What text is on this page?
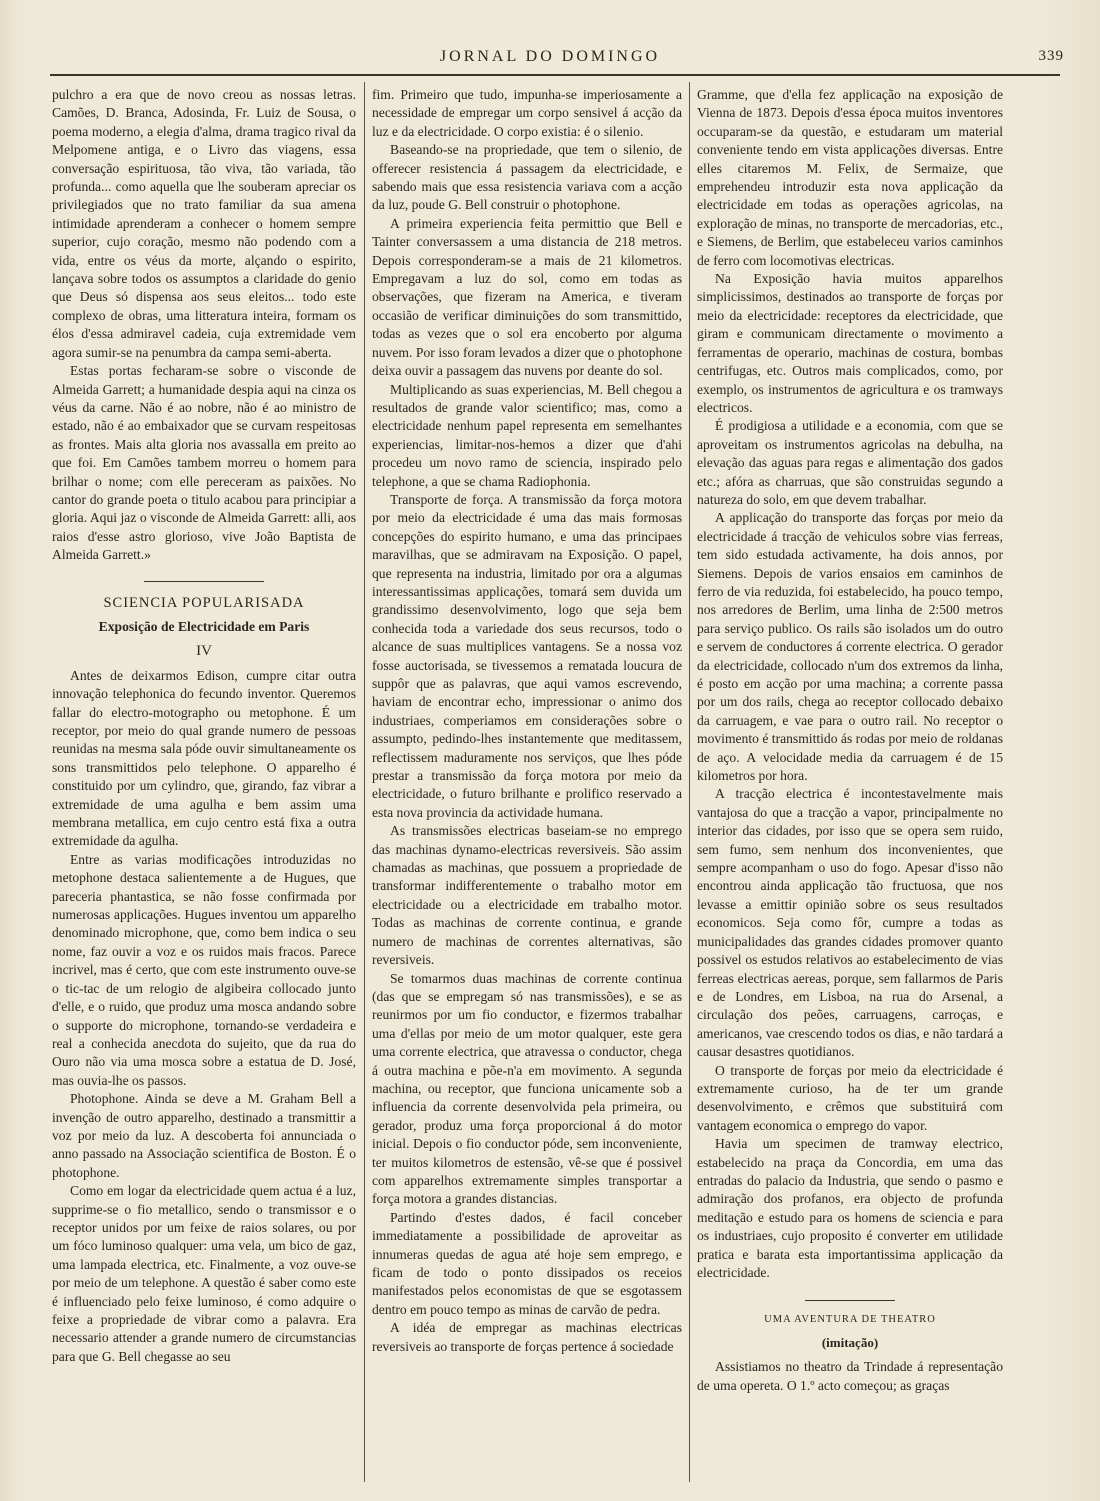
JORNAL DO DOMINGO	339

pulchro a era que de novo creou as nossas letras. Camões, D. Branca, Adosinda, Fr. Luiz de Sousa, o poema moderno, a elegia d'alma, drama tragico rival da Melpomene antiga, e o Livro das viagens, essa conversação espirituosa, tão viva, tão variada, tão profunda... como aquella que lhe souberam apreciar os privilegiados que no trato familiar da sua amena intimidade aprenderam a conhecer o homem sempre superior, cujo coração, mesmo não podendo com a vida, entre os véus da morte, alçando o espirito, lançava sobre todos os assumptos a claridade do genio que Deus só dispensa aos seus eleitos... todo este complexo de obras, uma litteratura inteira, formam os élos d'essa admiravel cadeia, cuja extremidade vem agora sumir-se na penumbra da campa semi-aberta.

Estas portas fecharam-se sobre o visconde de Almeida Garrett; a humanidade despia aqui na cinza os véus da carne. Não é ao nobre, não é ao ministro de estado, não é ao embaixador que se curvam respeitosas as frontes. Mais alta gloria nos avassalla em preito ao que foi. Em Camões tambem morreu o homem para brilhar o nome; com elle pereceram as paixões. No cantor do grande poeta o titulo acabou para principiar a gloria. Aqui jaz o visconde de Almeida Garrett: alli, aos raios d'esse astro glorioso, vive João Baptista de Almeida Garrett.»

SCIENCIA POPULARISADA
Exposição de Electricidade em Paris
IV

Antes de deixarmos Edison, cumpre citar outra innovação telephonica do fecundo inventor. Queremos fallar do electro-motographo ou metophone. É um receptor, por meio do qual grande numero de pessoas reunidas na mesma sala póde ouvir simultaneamente os sons transmittidos pelo telephone. O apparelho é constituido por um cylindro, que, girando, faz vibrar a extremidade de uma agulha e bem assim uma membrana metallica, em cujo centro está fixa a outra extremidade da agulha.

Entre as varias modificações introduzidas no metophone destaca salientemente a de Hugues, que pareceria phantastica, se não fosse confirmada por numerosas applicações. Hugues inventou um apparelho denominado microphone, que, como bem indica o seu nome, faz ouvir a voz e os ruidos mais fracos. Parece incrivel, mas é certo, que com este instrumento ouve-se o tic-tac de um relogio de algibeira collocado junto d'elle, e o ruido, que produz uma mosca andando sobre o supporte do microphone, tornando-se verdadeira e real a conhecida anecdota do sujeito, que da rua do Ouro não via uma mosca sobre a estatua de D. José, mas ouvia-lhe os passos.

Photophone. Ainda se deve a M. Graham Bell a invenção de outro apparelho, destinado a transmittir a voz por meio da luz. A descoberta foi annunciada o anno passado na Associação scientifica de Boston. É o photophone.

Como em logar da electricidade quem actua é a luz, supprime-se o fio metallico, sendo o transmissor e o receptor unidos por um feixe de raios solares, ou por um fóco luminoso qualquer: uma vela, um bico de gaz, uma lampada electrica, etc. Finalmente, a voz ouve-se por meio de um telephone. A questão é saber como este é influenciado pelo feixe luminoso, é como adquire o feixe a propriedade de vibrar como a palavra. Era necessario attender a grande numero de circumstancias para que G. Bell chegasse ao seu

fim. Primeiro que tudo, impunha-se imperiosamente a necessidade de empregar um corpo sensivel á acção da luz e da electricidade. O corpo existia: é o silenio.

Baseando-se na propriedade, que tem o silenio, de offerecer resistencia á passagem da electricidade, e sabendo mais que essa resistencia variava com a acção da luz, poude G. Bell construir o photophone.

A primeira experiencia feita permittio que Bell e Tainter conversassem a uma distancia de 218 metros. Depois corresponderam-se a mais de 21 kilometros. Empregavam a luz do sol, como em todas as observações, que fizeram na America, e tiveram occasião de verificar diminuições do som transmittido, todas as vezes que o sol era encoberto por alguma nuvem. Por isso foram levados a dizer que o photophone deixa ouvir a passagem das nuvens por deante do sol.

Multiplicando as suas experiencias, M. Bell chegou a resultados de grande valor scientifico; mas, como a electricidade nenhum papel representa em semelhantes experiencias, limitar-nos-hemos a dizer que d'ahi procedeu um novo ramo de sciencia, inspirado pelo telephone, a que se chama Radiophonia.

Transporte de força. A transmissão da força motora por meio da electricidade é uma das mais formosas concepções do espirito humano, e uma das principaes maravilhas, que se admiravam na Exposição. O papel, que representa na industria, limitado por ora a algumas interessantissimas applicações, tomará sem duvida um grandissimo desenvolvimento, logo que seja bem conhecida toda a variedade dos seus recursos, todo o alcance de suas multiplices vantagens. Se a nossa voz fosse auctorisada, se tivessemos a rematada loucura de suppôr que as palavras, que aqui vamos escrevendo, haviam de encontrar echo, impressionar o animo dos industriaes, comperiamos em considerações sobre o assumpto, pedindo-lhes instantemente que meditassem, reflectissem maduramente nos serviços, que lhes póde prestar a transmissão da força motora por meio da electricidade, o futuro brilhante e prolifico reservado a esta nova provincia da actividade humana.

As transmissões electricas baseiam-se no emprego das machinas dynamo-electricas reversiveis. São assim chamadas as machinas, que possuem a propriedade de transformar indifferentemente o trabalho motor em electricidade ou a electricidade em trabalho motor. Todas as machinas de corrente continua, e grande numero de machinas de correntes alternativas, são reversiveis.

Se tomarmos duas machinas de corrente continua (das que se empregam só nas transmissões), e se as reunirmos por um fio conductor, e fizermos trabalhar uma d'ellas por meio de um motor qualquer, este gera uma corrente electrica, que atravessa o conductor, chega á outra machina e põe-n'a em movimento. A segunda machina, ou receptor, que funciona unicamente sob a influencia da corrente desenvolvida pela primeira, ou gerador, produz uma força proporcional á do motor inicial. Depois o fio conductor póde, sem inconveniente, ter muitos kilometros de estensão, vê-se que é possivel com apparelhos extremamente simples transportar a força motora a grandes distancias.

Partindo d'estes dados, é facil conceber immediatamente a possibilidade de aproveitar as innumeras quedas de agua até hoje sem emprego, e ficam de todo o ponto dissipados os receios manifestados pelos economistas de que se esgotassem dentro em pouco tempo as minas de carvão de pedra.

A idéa de empregar as machinas electricas reversiveis ao transporte de forças pertence á sociedade

Gramme, que d'ella fez applicação na exposição de Vienna de 1873. Depois d'essa época muitos inventores occuparam-se da questão, e estudaram um material conveniente tendo em vista applicações diversas. Entre elles citaremos M. Felix, de Sermaize, que emprehendeu introduzir esta nova applicação da electricidade em todas as operações agricolas, na exploração de minas, no transporte de mercadorias, etc., e Siemens, de Berlim, que estabeleceu varios caminhos de ferro com locomotivas electricas.

Na Exposição havia muitos apparelhos simplicissimos, destinados ao transporte de forças por meio da electricidade: receptores da electricidade, que giram e communicam directamente o movimento a ferramentas de operario, machinas de costura, bombas centrifugas, etc. Outros mais complicados, como, por exemplo, os instrumentos de agricultura e os tramways electricos.

É prodigiosa a utilidade e a economia, com que se aproveitam os instrumentos agricolas na debulha, na elevação das aguas para regas e alimentação dos gados etc.; afóra as charruas, que são construidas segundo a natureza do solo, em que devem trabalhar.

A applicação do transporte das forças por meio da electricidade á tracção de vehiculos sobre vias ferreas, tem sido estudada activamente, ha dois annos, por Siemens. Depois de varios ensaios em caminhos de ferro de via reduzida, foi estabelecido, ha pouco tempo, nos arredores de Berlim, uma linha de 2:500 metros para serviço publico. Os rails são isolados um do outro e servem de conductores á corrente electrica. O gerador da electricidade, collocado n'um dos extremos da linha, é posto em acção por uma machina; a corrente passa por um dos rails, chega ao receptor collocado debaixo da carruagem, e vae para o outro rail. No receptor o movimento é transmittido ás rodas por meio de roldanas de aço. A velocidade media da carruagem é de 15 kilometros por hora.

A tracção electrica é incontestavelmente mais vantajosa do que a tracção a vapor, principalmente no interior das cidades, por isso que se opera sem ruido, sem fumo, sem nenhum dos inconvenientes, que sempre acompanham o uso do fogo. Apesar d'isso não encontrou ainda applicação tão fructuosa, que nos levasse a emittir opinião sobre os seus resultados economicos. Seja como fôr, cumpre a todas as municipalidades das grandes cidades promover quanto possivel os estudos relativos ao estabelecimento de vias ferreas electricas aereas, porque, sem fallarmos de Paris e de Londres, em Lisboa, na rua do Arsenal, a circulação dos peões, carruagens, carroças, e americanos, vae crescendo todos os dias, e não tardará a causar desastres quotidianos.

O transporte de forças por meio da electricidade é extremamente curioso, ha de ter um grande desenvolvimento, e crêmos que substituirá com vantagem economica o emprego do vapor.

Havia um specimen de tramway electrico, estabelecido na praça da Concordia, em uma das entradas do palacio da Industria, que sendo o pasmo e admiração dos profanos, era objecto de profunda meditação e estudo para os homens de sciencia e para os industriaes, cujo proposito é converter em utilidade pratica e barata esta importantissima applicação da electricidade.

UMA AVENTURA DE THEATRO
(imitação)

Assistiamos no theatro da Trindade á representação de uma opereta. O 1.º acto começou; as graças
